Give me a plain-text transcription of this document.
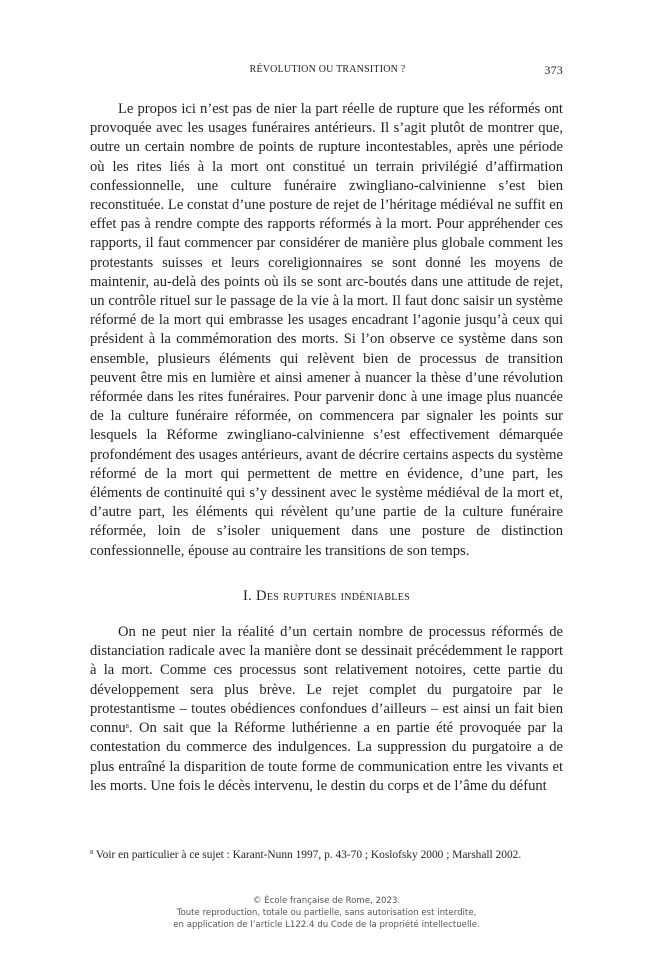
RÉVOLUTION OU TRANSITION ?	373

Le propos ici n’est pas de nier la part réelle de rupture que les réformés ont provoquée avec les usages funéraires antérieurs. Il s’agit plutôt de montrer que, outre un certain nombre de points de rupture incontestables, après une période où les rites liés à la mort ont constitué un terrain privilégié d’affirmation confessionnelle, une culture funéraire zwingliano-calvinienne s’est bien reconstituée. Le constat d’une posture de rejet de l’héritage médiéval ne suffit en effet pas à rendre compte des rapports réformés à la mort. Pour appréhender ces rapports, il faut commencer par considérer de manière plus globale comment les protestants suisses et leurs coreligionnaires se sont donné les moyens de maintenir, au-delà des points où ils se sont arc-boutés dans une attitude de rejet, un contrôle rituel sur le passage de la vie à la mort. Il faut donc saisir un système réformé de la mort qui embrasse les usages encadrant l’agonie jusqu’à ceux qui président à la commémoration des morts. Si l’on observe ce système dans son ensemble, plusieurs éléments qui relèvent bien de processus de transition peuvent être mis en lumière et ainsi amener à nuancer la thèse d’une révolution réformée dans les rites funéraires. Pour parvenir donc à une image plus nuancée de la culture funéraire réformée, on commencera par signaler les points sur lesquels la Réforme zwingliano-calvinienne s’est effectivement démarquée profondément des usages antérieurs, avant de décrire certains aspects du système réformé de la mort qui permettent de mettre en évidence, d’une part, les éléments de continuité qui s’y dessinent avec le système médiéval de la mort et, d’autre part, les éléments qui révèlent qu’une partie de la culture funéraire réformée, loin de s’isoler uniquement dans une posture de distinction confessionnelle, épouse au contraire les transitions de son temps.

I. Des ruptures indéniables

On ne peut nier la réalité d’un certain nombre de processus réformés de distanciation radicale avec la manière dont se dessinait précédemment le rapport à la mort. Comme ces processus sont relativement notoires, cette partie du développement sera plus brève. Le rejet complet du purgatoire par le protestantisme – toutes obédiences confondues d’ailleurs – est ainsi un fait bien connu$^8$. On sait que la Réforme luthérienne a en partie été provoquée par la contestation du commerce des indulgences. La suppression du purgatoire a de plus entraîné la disparition de toute forme de communication entre les vivants et les morts. Une fois le décès intervenu, le destin du corps et de l’âme du défunt

$^8$ Voir en particulier à ce sujet : Karant-Nunn 1997, p. 43-70 ; Koslofsky 2000 ; Marshall 2002.

© École française de Rome, 2023.
Toute reproduction, totale ou partielle, sans autorisation est interdite,
en application de l’article L122.4 du Code de la propriété intellectuelle.
